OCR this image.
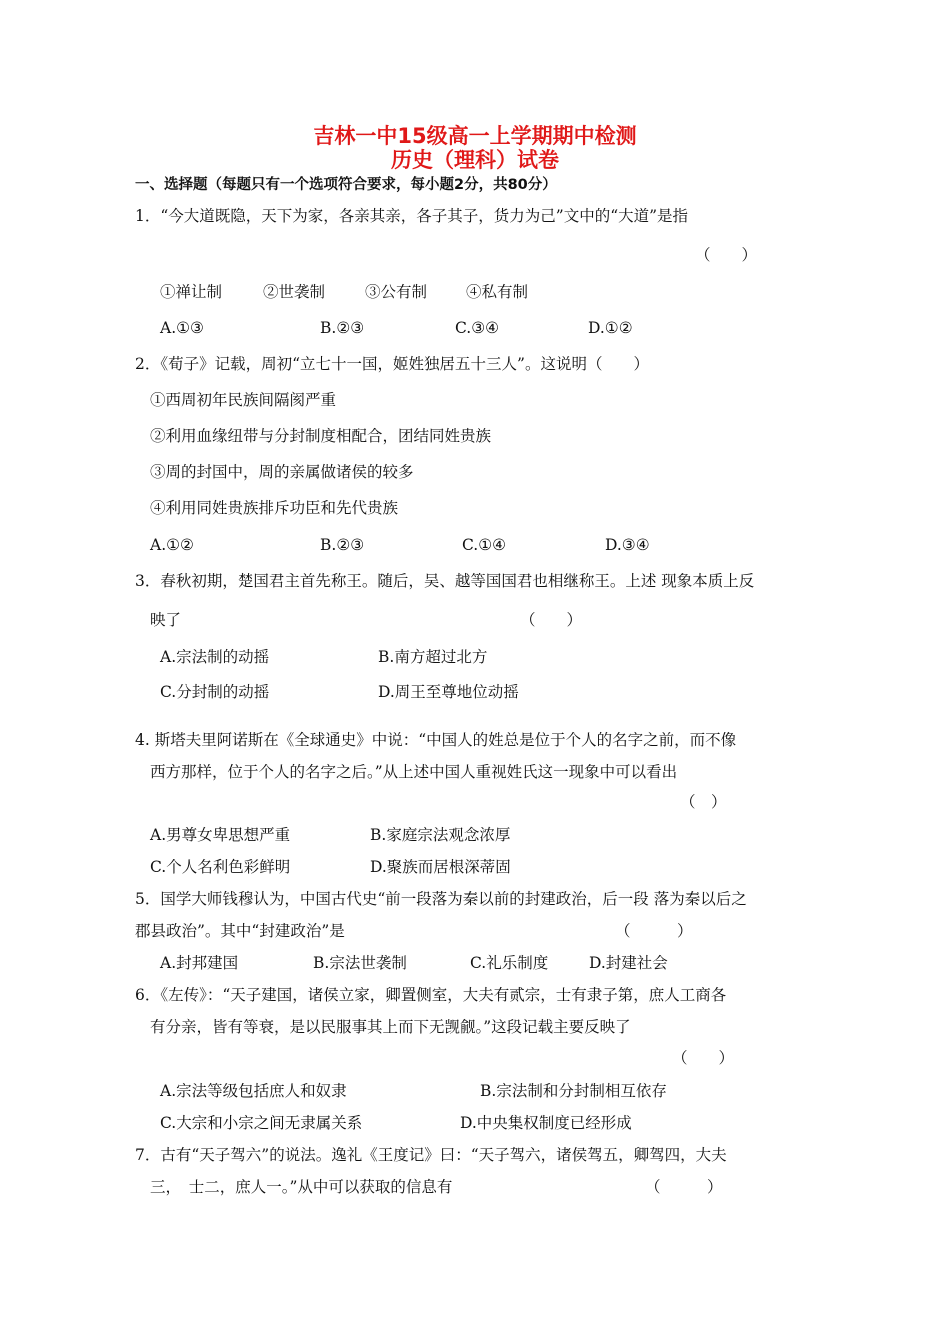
吉林一中15级高一上学期期中检测
历史（理科）试卷
一、选择题（每题只有一个选项符合要求，每小题2分，共80分）
1．“今大道既隐，天下为家，各亲其亲，各子其子，货力为己”文中的“大道”是指
（　　）
①禅让制	②世袭制	③公有制	④私有制
A.①③	B.②③	C.③④	D.①②
2．《荀子》记载，周初“立七十一国，姬姓独居五十三人”。这说明（　　）
①西周初年民族间隔阂严重
②利用血缘纽带与分封制度相配合，团结同姓贵族
③周的封国中，周的亲属做诸侯的较多
④利用同姓贵族排斥功臣和先代贵族
A.①②	B.②③	C.①④	D.③④
3．春秋初期，楚国君主首先称王。随后，吴、越等国国君也相继称王。上述 现象本质上反
映了	（　　）
A.宗法制的动摇	B.南方超过北方
C.分封制的动摇	D.周王至尊地位动摇
4. 斯塔夫里阿诺斯在《全球通史》中说：“中国人的姓总是位于个人的名字之前，而不像
西方那样，位于个人的名字之后。”从上述中国人重视姓氏这一现象中可以看出
（　）
A.男尊女卑思想严重	B.家庭宗法观念浓厚
C.个人名利色彩鲜明	D.聚族而居根深蒂固
5．国学大师钱穆认为，中国古代史“前一段落为秦以前的封建政治，后一段 落为秦以后之
郡县政治”。其中“封建政治”是	（　　　）
A.封邦建国	B.宗法世袭制	C.礼乐制度	D.封建社会
6．《左传》：“天子建国，诸侯立家，卿置侧室，大夫有贰宗，士有隶子第，庶人工商各
有分亲，皆有等衰，是以民服事其上而下无觊觎。”这段记载主要反映了
（　　）
A.宗法等级包括庶人和奴隶	B.宗法制和分封制相互依存
C.大宗和小宗之间无隶属关系	D.中央集权制度已经形成
7．古有“天子驾六”的说法。逸礼《王度记》曰：“天子驾六，诸侯驾五，卿驾四，大夫
三，　士二，庶人一。”从中可以获取的信息有	（　　　）
